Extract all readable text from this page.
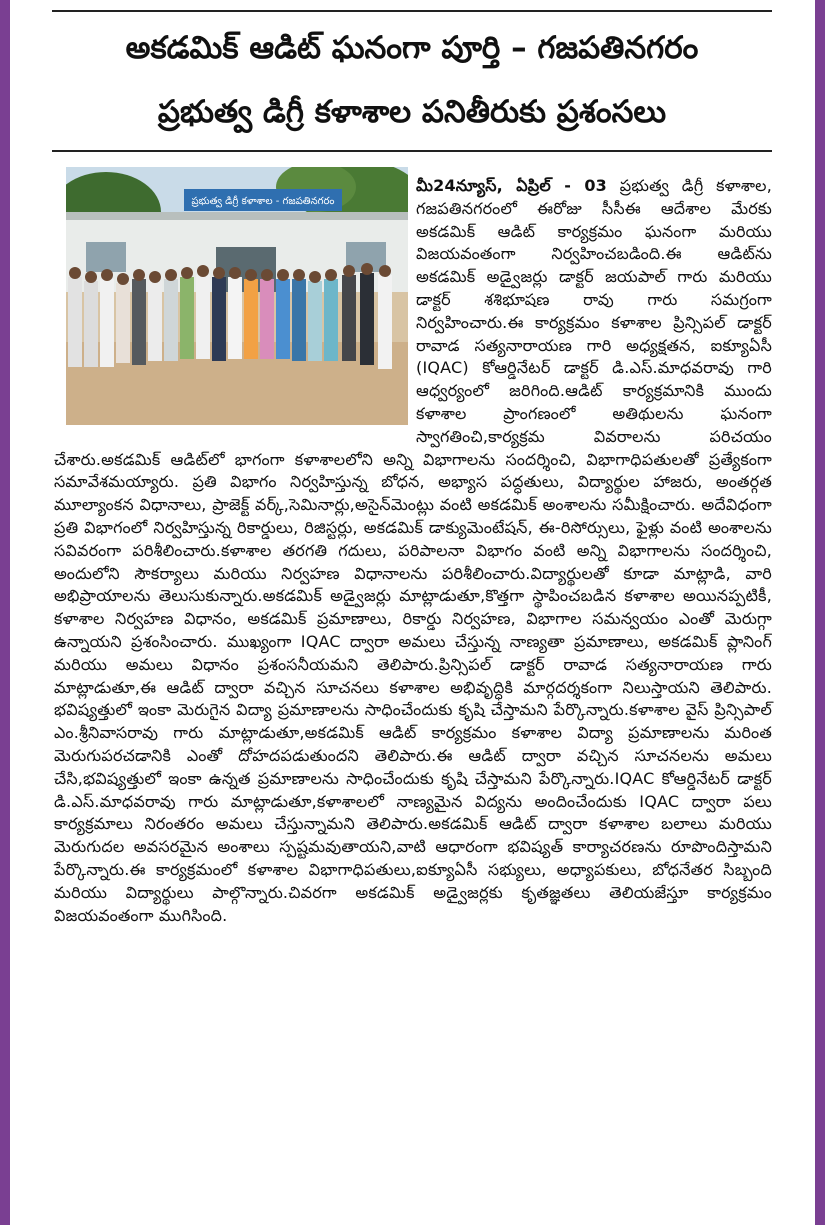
అకడమిక్ ఆడిట్ ఘనంగా పూర్తి – గజపతినగరం
ప్రభుత్వ డిగ్రీ కళాశాల పనితీరుకు ప్రశంసలు
ప్రభుత్వ డిగ్రీ కళాశాల - గజపతినగరం
మీ24న్యూస్, ఏప్రిల్ - 03 ప్రభుత్వ డిగ్రీ కళాశాల, గజపతినగరంలో ఈరోజు సీసీఈ ఆదేశాల మేరకు అకడమిక్ ఆడిట్ కార్యక్రమం ఘనంగా మరియు విజయవంతంగా నిర్వహించబడింది.ఈ ఆడిట్‌ను అకడమిక్ అడ్వైజర్లు డాక్టర్ జయపాల్ గారు మరియు డాక్టర్ శశిభూషణ రావు గారు సమగ్రంగా నిర్వహించారు.ఈ కార్యక్రమం కళాశాల ప్రిన్సిపల్ డాక్టర్ రావాడ సత్యనారాయణ గారి అధ్యక్షతన, ఐక్యూఏసీ (IQAC) కోఆర్డినేటర్ డాక్టర్ డి.ఎస్.మాధవరావు గారి ఆధ్వర్యంలో జరిగింది.ఆడిట్ కార్యక్రమానికి ముందు కళాశాల ప్రాంగణంలో అతిథులను ఘనంగా స్వాగతించి,కార్యక్రమ వివరాలను పరిచయం చేశారు.అకడమిక్ ఆడిట్‌లో భాగంగా కళాశాలలోని అన్ని విభాగాలను సందర్శించి, విభాగాధిపతులతో ప్రత్యేకంగా సమావేశమయ్యారు. ప్రతి విభాగం నిర్వహిస్తున్న బోధన, అభ్యాస పద్ధతులు, విద్యార్థుల హాజరు, అంతర్గత మూల్యాంకన విధానాలు, ప్రాజెక్ట్ వర్క్,సెమినార్లు,అసైన్‌మెంట్లు వంటి అకడమిక్ అంశాలను సమీక్షించారు. అదేవిధంగా ప్రతి విభాగంలో నిర్వహిస్తున్న రికార్డులు, రిజిస్టర్లు, అకడమిక్ డాక్యుమెంటేషన్, ఈ-రిసోర్సులు, ఫైళ్లు వంటి అంశాలను సవివరంగా పరిశీలించారు.కళాశాల తరగతి గదులు, పరిపాలనా విభాగం వంటి అన్ని విభాగాలను సందర్శించి, అందులోని సౌకర్యాలు మరియు నిర్వహణ విధానాలను పరిశీలించారు.విద్యార్థులతో కూడా మాట్లాడి, వారి అభిప్రాయాలను తెలుసుకున్నారు.అకడమిక్ అడ్వైజర్లు మాట్లాడుతూ,కొత్తగా స్థాపించబడిన కళాశాల అయినప్పటికీ, కళాశాల నిర్వహణ విధానం, అకడమిక్ ప్రమాణాలు, రికార్డు నిర్వహణ, విభాగాల సమన్వయం ఎంతో మెరుగ్గా ఉన్నాయని ప్రశంసించారు. ముఖ్యంగా IQAC ద్వారా అమలు చేస్తున్న నాణ్యతా ప్రమాణాలు, అకడమిక్ ప్లానింగ్ మరియు అమలు విధానం ప్రశంసనీయమని తెలిపారు.ప్రిన్సిపల్ డాక్టర్ రావాడ సత్యనారాయణ గారు మాట్లాడుతూ,ఈ ఆడిట్ ద్వారా వచ్చిన సూచనలు కళాశాల అభివృద్ధికి మార్గదర్శకంగా నిలుస్తాయని తెలిపారు. భవిష్యత్తులో ఇంకా మెరుగైన విద్యా ప్రమాణాలను సాధించేందుకు కృషి చేస్తామని పేర్కొన్నారు.కళాశాల వైస్ ప్రిన్సిపాల్ ఎం.శ్రీనివాసరావు గారు మాట్లాడుతూ,అకడమిక్ ఆడిట్ కార్యక్రమం కళాశాల విద్యా ప్రమాణాలను మరింత మెరుగుపరచడానికి ఎంతో దోహదపడుతుందని తెలిపారు.ఈ ఆడిట్ ద్వారా వచ్చిన సూచనలను అమలు చేసి,భవిష్యత్తులో ఇంకా ఉన్నత ప్రమాణాలను సాధించేందుకు కృషి చేస్తామని పేర్కొన్నారు.IQAC కోఆర్డినేటర్ డాక్టర్ డి.ఎస్.మాధవరావు గారు మాట్లాడుతూ,కళాశాలలో నాణ్యమైన విద్యను అందించేందుకు IQAC ద్వారా పలు కార్యక్రమాలు నిరంతరం అమలు చేస్తున్నామని తెలిపారు.అకడమిక్ ఆడిట్ ద్వారా కళాశాల బలాలు మరియు మెరుగుదల అవసరమైన అంశాలు స్పష్టమవుతాయని,వాటి ఆధారంగా భవిష్యత్ కార్యాచరణను రూపొందిస్తామని పేర్కొన్నారు.ఈ కార్యక్రమంలో కళాశాల విభాగాధిపతులు,ఐక్యూఏసీ సభ్యులు, అధ్యాపకులు, బోధనేతర సిబ్బంది మరియు విద్యార్థులు పాల్గొన్నారు.చివరగా అకడమిక్ అడ్వైజర్లకు కృతజ్ఞతలు తెలియజేస్తూ కార్యక్రమం విజయవంతంగా ముగిసింది.
